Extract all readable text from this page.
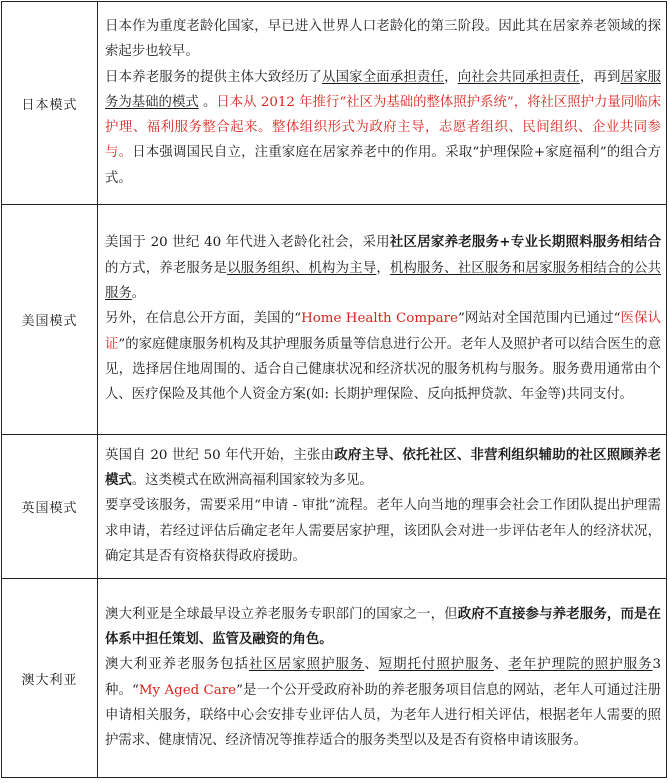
日本模式	日本作为重度老龄化国家，早已进入世界人口老龄化的第三阶段。因此其在居家养老领域的探索起步也较早。

日本养老服务的提供主体大致经历了从国家全面承担责任，向社会共同承担责任，再到居家服务为基础的模式 。日本从 2012 年推行“社区为基础的整体照护系统”，将社区照护力量同临床护理、福利服务整合起来。整体组织形式为政府主导，志愿者组织、民间组织、企业共同参与。日本强调国民自立，注重家庭在居家养老中的作用。采取“护理保险+家庭福利”的组合方式。

美国模式	美国于 20 世纪 40 年代进入老龄化社会，采用社区居家养老服务+专业长期照料服务相结合的方式，养老服务是以服务组织、机构为主导，机构服务、社区服务和居家服务相结合的公共服务。

另外，在信息公开方面，美国的“Home Health Compare”网站对全国范围内已通过“医保认证”的家庭健康服务机构及其护理服务质量等信息进行公开。老年人及照护者可以结合医生的意见，选择居住地周围的、适合自己健康状况和经济状况的服务机构与服务。服务费用通常由个人、医疗保险及其他个人资金方案(如: 长期护理保险、反向抵押贷款、年金等)共同支付。

英国模式	英国自 20 世纪 50 年代开始，主张由政府主导、依托社区、非营利组织辅助的社区照顾养老模式。这类模式在欧洲高福利国家较为多见。

要享受该服务，需要采用“申请 - 审批”流程。老年人向当地的理事会社会工作团队提出护理需求申请，若经过评估后确定老年人需要居家护理，该团队会对进一步评估老年人的经济状况，确定其是否有资格获得政府援助。

澳大利亚	澳大利亚是全球最早设立养老服务专职部门的国家之一，但政府不直接参与养老服务，而是在体系中担任策划、监管及融资的角色。

澳大利亚养老服务包括社区居家照护服务、短期托付照护服务、老年护理院的照护服务3 种。“My Aged Care”是一个公开受政府补助的养老服务项目信息的网站，老年人可通过注册申请相关服务，联络中心会安排专业评估人员，为老年人进行相关评估，根据老年人需要的照护需求、健康情况、经济情况等推荐适合的服务类型以及是否有资格申请该服务。
